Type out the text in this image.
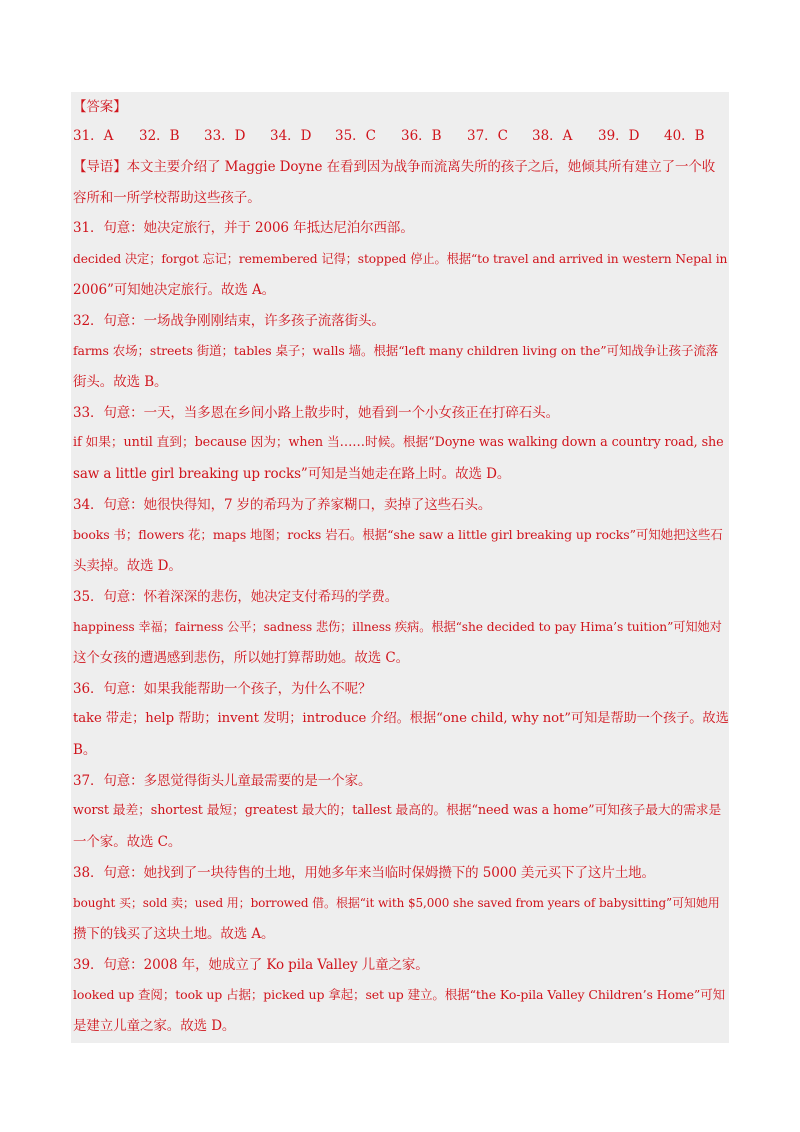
【答案】

31．A 32．B 33．D 34．D 35．C 36．B 37．C 38．A 39．D 40．B

【导语】本文主要介绍了 Maggie Doyne 在看到因为战争而流离失所的孩子之后，她倾其所有建立了一个收

容所和一所学校帮助这些孩子。

31．句意：她决定旅行，并于 2006 年抵达尼泊尔西部。

decided 决定；forgot 忘记；remembered 记得；stopped 停止。根据“to travel and arrived in western Nepal in

2006”可知她决定旅行。故选 A。

32．句意：一场战争刚刚结束，许多孩子流落街头。

farms 农场；streets 街道；tables 桌子；walls 墙。根据“left many children living on the”可知战争让孩子流落

街头。故选 B。

33．句意：一天，当多恩在乡间小路上散步时，她看到一个小女孩正在打碎石头。

if 如果；until 直到；because 因为；when 当……时候。根据“Doyne was walking down a country road, she

saw a little girl breaking up rocks”可知是当她走在路上时。故选 D。

34．句意：她很快得知，7 岁的希玛为了养家糊口，卖掉了这些石头。

books 书；flowers 花；maps 地图；rocks 岩石。根据“she saw a little girl breaking up rocks”可知她把这些石

头卖掉。故选 D。

35．句意：怀着深深的悲伤，她决定支付希玛的学费。

happiness 幸福；fairness 公平；sadness 悲伤；illness 疾病。根据“she decided to pay Hima’s tuition”可知她对

这个女孩的遭遇感到悲伤，所以她打算帮助她。故选 C。

36．句意：如果我能帮助一个孩子，为什么不呢？

take 带走；help 帮助；invent 发明；introduce 介绍。根据“one child, why not”可知是帮助一个孩子。故选

B。

37．句意：多恩觉得街头儿童最需要的是一个家。

worst 最差；shortest 最短；greatest 最大的；tallest 最高的。根据“need was a home”可知孩子最大的需求是

一个家。故选 C。

38．句意：她找到了一块待售的土地，用她多年来当临时保姆攒下的 5000 美元买下了这片土地。

bought 买；sold 卖；used 用；borrowed 借。根据“it with $5,000 she saved from years of babysitting”可知她用

攒下的钱买了这块土地。故选 A。

39．句意：2008 年，她成立了 Ko pila Valley 儿童之家。

looked up 查阅；took up 占据；picked up 拿起；set up 建立。根据“the Ko-pila Valley Children’s Home”可知

是建立儿童之家。故选 D。
